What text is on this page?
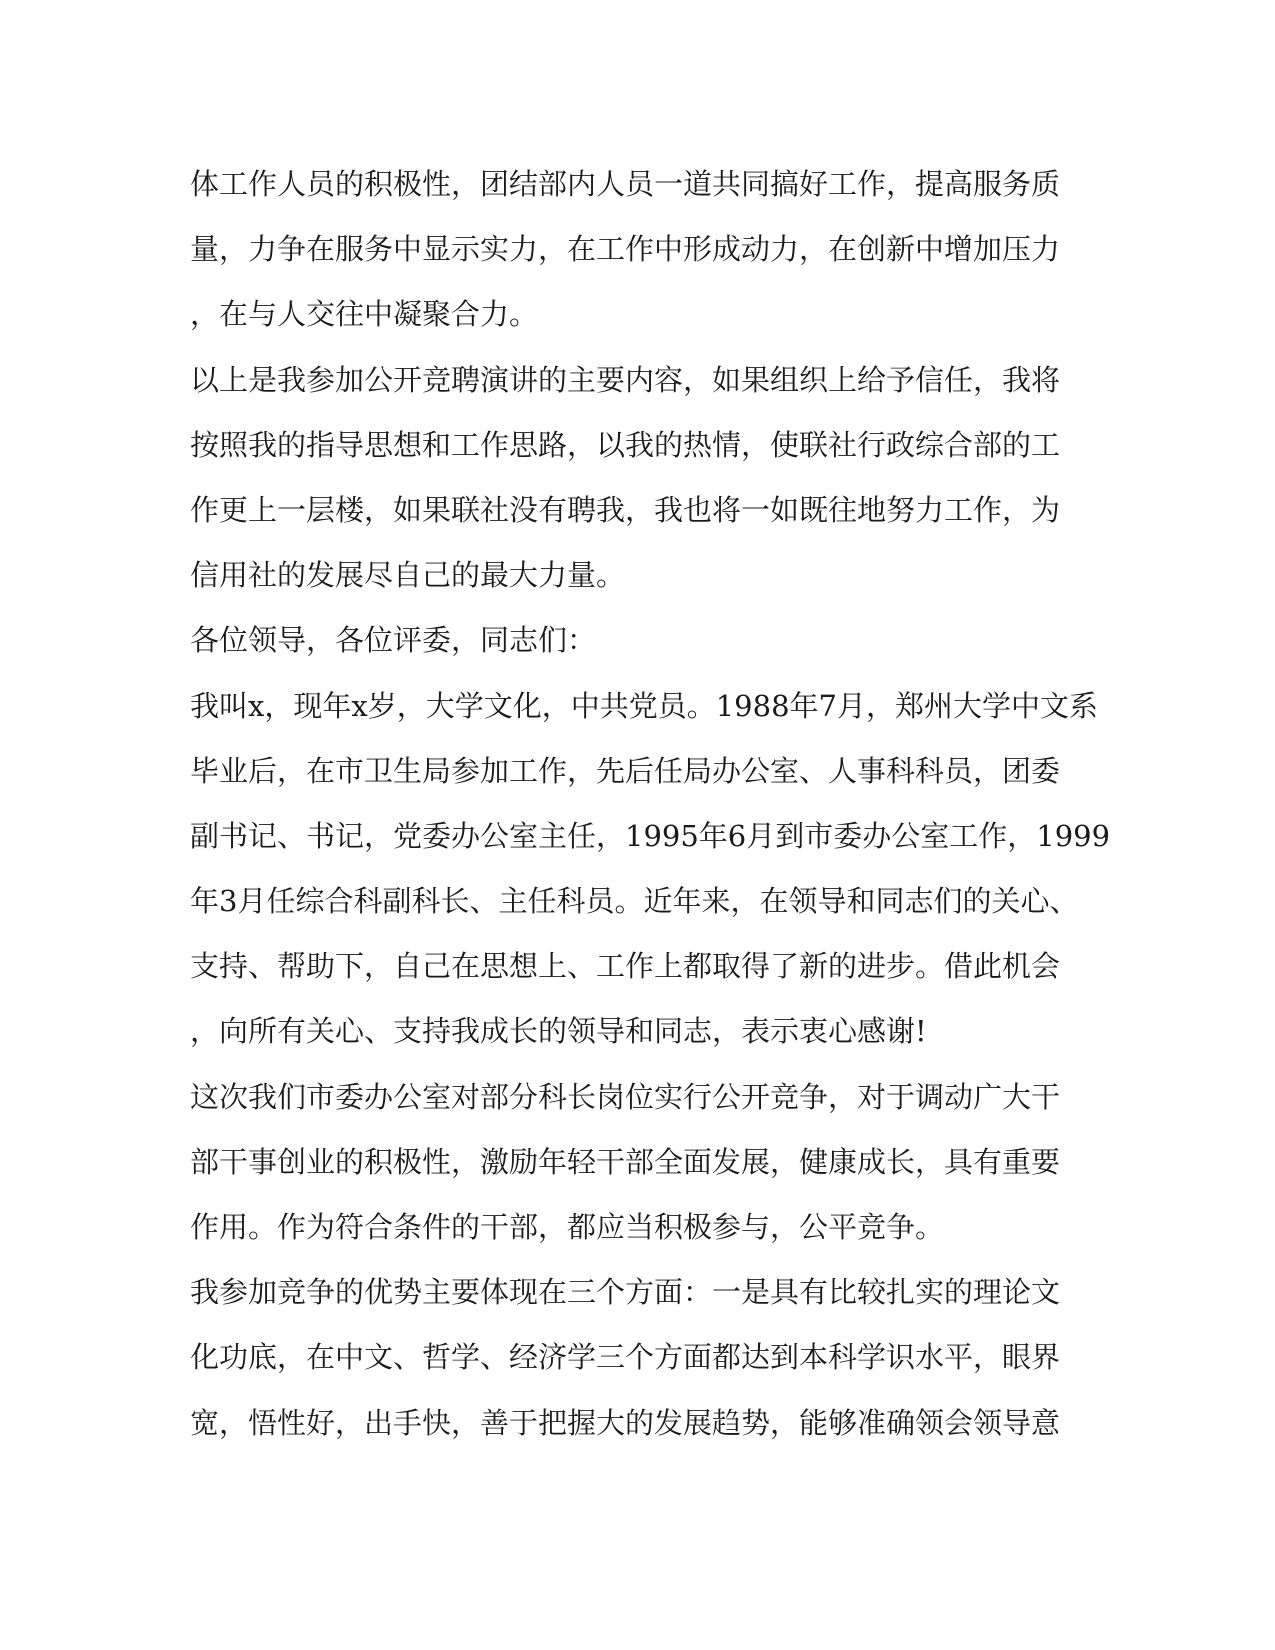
体工作人员的积极性，团结部内人员一道共同搞好工作，提高服务质
量，力争在服务中显示实力，在工作中形成动力，在创新中增加压力
，在与人交往中凝聚合力。
以上是我参加公开竞聘演讲的主要内容，如果组织上给予信任，我将
按照我的指导思想和工作思路，以我的热情，使联社行政综合部的工
作更上一层楼，如果联社没有聘我，我也将一如既往地努力工作，为
信用社的发展尽自己的最大力量。
各位领导，各位评委，同志们：
我叫x，现年x岁，大学文化，中共党员。1988年7月，郑州大学中文系
毕业后，在市卫生局参加工作，先后任局办公室、人事科科员，团委
副书记、书记，党委办公室主任，1995年6月到市委办公室工作，1999
年3月任综合科副科长、主任科员。近年来，在领导和同志们的关心、
支持、帮助下，自己在思想上、工作上都取得了新的进步。借此机会
，向所有关心、支持我成长的领导和同志，表示衷心感谢!
这次我们市委办公室对部分科长岗位实行公开竞争，对于调动广大干
部干事创业的积极性，激励年轻干部全面发展，健康成长，具有重要
作用。作为符合条件的干部，都应当积极参与，公平竞争。
我参加竞争的优势主要体现在三个方面：一是具有比较扎实的理论文
化功底，在中文、哲学、经济学三个方面都达到本科学识水平，眼界
宽，悟性好，出手快，善于把握大的发展趋势，能够准确领会领导意
